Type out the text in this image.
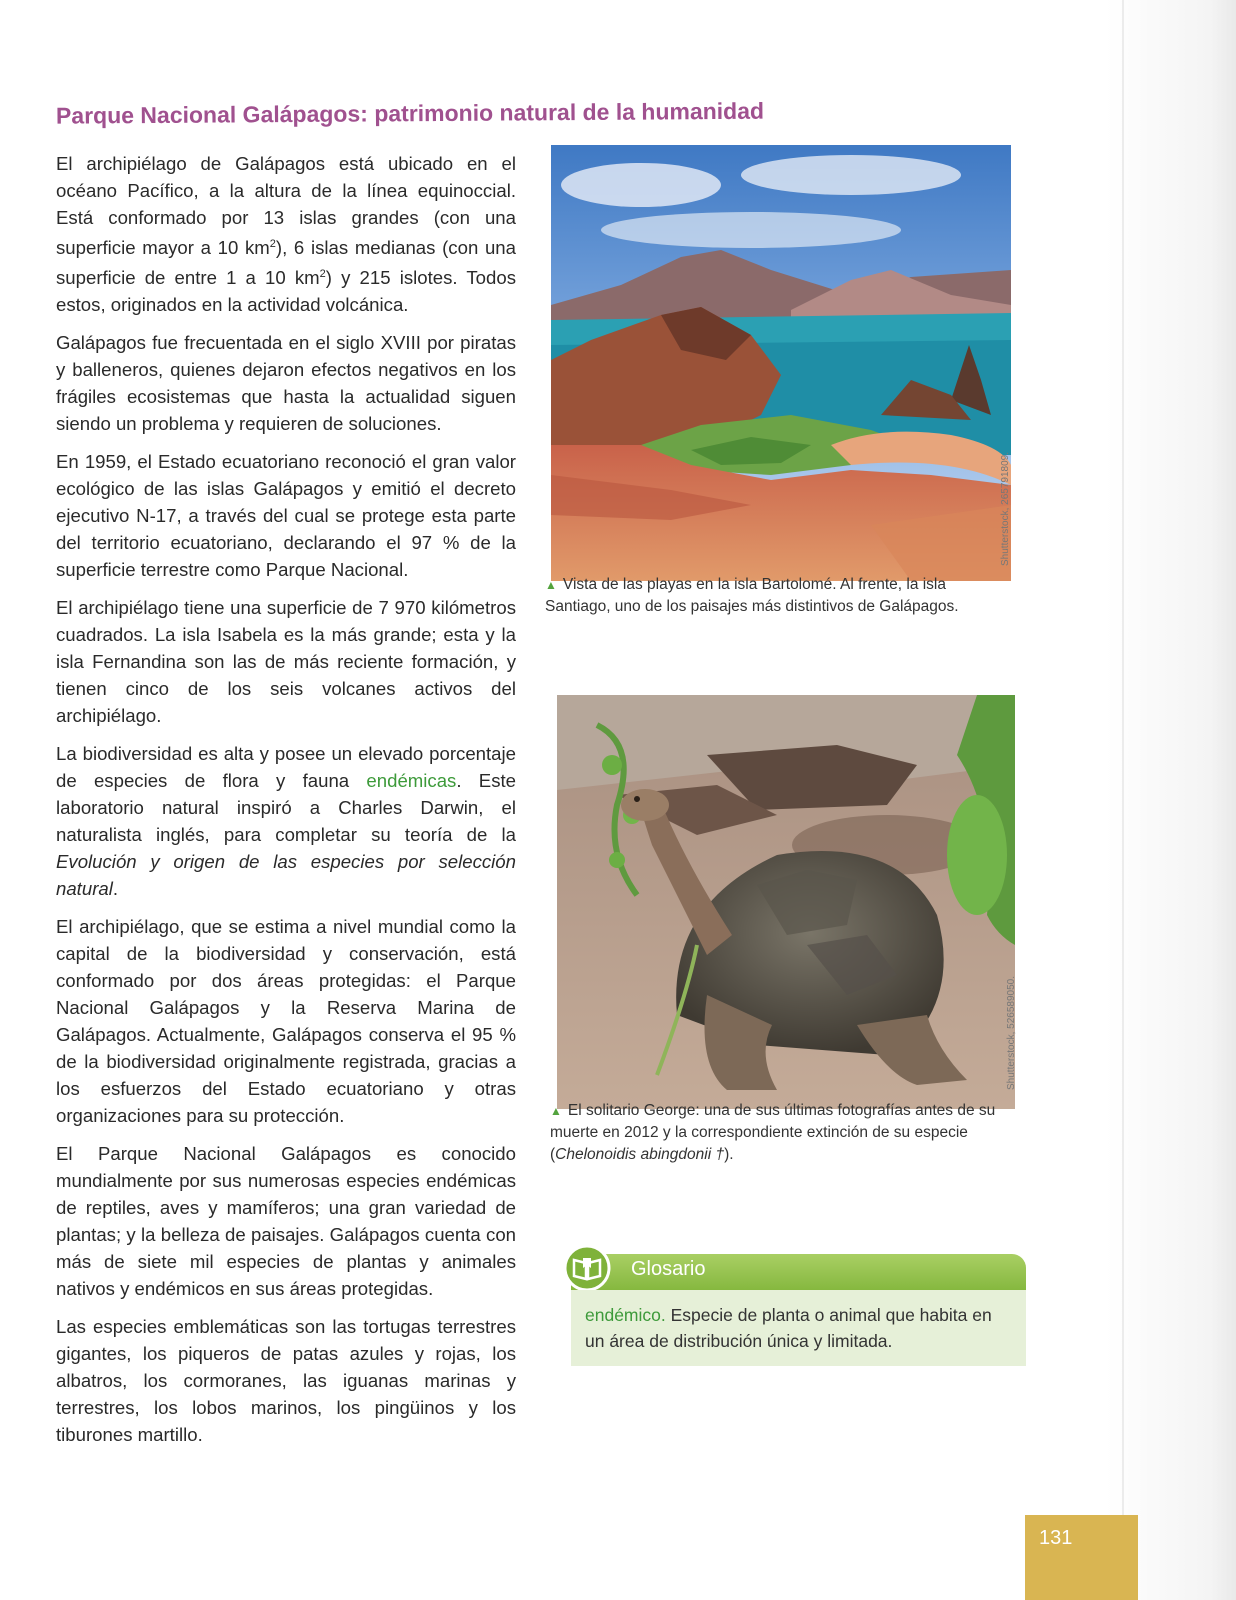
Parque Nacional Galápagos: patrimonio natural de la humanidad

El archipiélago de Galápagos está ubicado en el océano Pacífico, a la altura de la línea equinoccial. Está conformado por 13 islas grandes (con una superficie mayor a 10 $km^2$), 6 islas medianas (con una superficie de entre 1 a 10 $km^2$) y 215 islotes. Todos estos, originados en la actividad volcánica.

Galápagos fue frecuentada en el siglo XVIII por piratas y balleneros, quienes dejaron efectos negativos en los frágiles ecosistemas que hasta la actualidad siguen siendo un problema y requieren de soluciones.

En 1959, el Estado ecuatoriano reconoció el gran valor ecológico de las islas Galápagos y emitió el decreto ejecutivo N-17, a través del cual se protege esta parte del territorio ecuatoriano, declarando el 97 % de la superficie terrestre como Parque Nacional.

El archipiélago tiene una superficie de 7 970 kilómetros cuadrados. La isla Isabela es la más grande; esta y la isla Fernandina son las de más reciente formación, y tienen cinco de los seis volcanes activos del archipiélago.

La biodiversidad es alta y posee un elevado porcentaje de especies de flora y fauna endémicas. Este laboratorio natural inspiró a Charles Darwin, el naturalista inglés, para completar su teoría de la Evolución y origen de las especies por selección natural.

El archipiélago, que se estima a nivel mundial como la capital de la biodiversidad y conservación, está conformado por dos áreas protegidas: el Parque Nacional Galápagos y la Reserva Marina de Galápagos. Actualmente, Galápagos conserva el 95 % de la biodiversidad originalmente registrada, gracias a los esfuerzos del Estado ecuatoriano y otras organizaciones para su protección.

El Parque Nacional Galápagos es conocido mundialmente por sus numerosas especies endémicas de reptiles, aves y mamíferos; una gran variedad de plantas; y la belleza de paisajes. Galápagos cuenta con más de siete mil especies de plantas y animales nativos y endémicos en sus áreas protegidas.

Las especies emblemáticas son las tortugas terrestres gigantes, los piqueros de patas azules y rojas, los albatros, los cormoranes, las iguanas marinas y terrestres, los lobos marinos, los pingüinos y los tiburones martillo.

Shutterstock, 265791809.
▲ Vista de las playas en la isla Bartolomé. Al frente, la isla Santiago, uno de los paisajes más distintivos de Galápagos.
Shutterstock, 526589050.
▲ El solitario George: una de sus últimas fotografías antes de su muerte en 2012 y la correspondiente extinción de su especie (Chelonoidis abingdonii †).
Glosario
endémico. Especie de planta o animal que habita en un área de distribución única y limitada.
131
